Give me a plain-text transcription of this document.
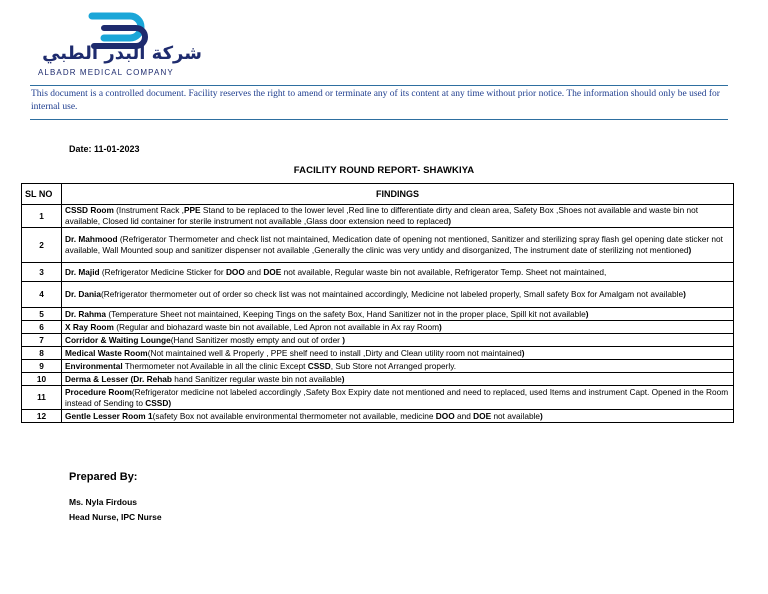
شركة البدر الطبي
ALBADR MEDICAL COMPANY
This document is a controlled document. Facility reserves the right to amend or terminate any of its content at any time without prior notice. The information should only be used for internal use.
Date: 11-01-2023
FACILITY ROUND REPORT- SHAWKIYA
SL NO	FINDINGS
1	CSSD Room (Instrument Rack ,PPE Stand to be replaced to the lower level ,Red line to differentiate dirty and clean area, Safety Box ,Shoes not available and waste bin not available, Closed lid container for sterile instrument not available ,Glass door extension need to replaced)
2	Dr. Mahmood (Refrigerator Thermometer and check list not maintained, Medication date of opening not mentioned, Sanitizer and sterilizing spray flash gel opening date sticker not available, Wall Mounted soup and sanitizer dispenser not available ,Generally the clinic was very untidy and disorganized, The instrument date of sterilizing not mentioned)
3	Dr. Majid (Refrigerator Medicine Sticker for DOO and DOE not available, Regular waste bin not available, Refrigerator Temp. Sheet not maintained,
4	Dr. Dania(Refrigerator thermometer out of order so check list was not maintained accordingly, Medicine not labeled properly, Small safety Box for Amalgam not available)
5	Dr. Rahma (Temperature Sheet not maintained, Keeping Tings on the safety Box, Hand Sanitizer not in the proper place, Spill kit not available)
6	X Ray Room (Regular and biohazard waste bin not available, Led Apron not available in Ax ray Room)
7	Corridor & Waiting Lounge(Hand Sanitizer mostly empty and out of order )
8	Medical Waste Room(Not maintained well & Properly , PPE shelf need to install ,Dirty and Clean utility room not maintained)
9	Environmental Thermometer not Available in all the clinic Except CSSD, Sub Store not Arranged properly.
10	Derma & Lesser (Dr. Rehab hand Sanitizer regular waste bin not available)
11	Procedure Room(Refrigerator medicine not labeled accordingly ,Safety Box Expiry date not mentioned and need to replaced, used Items and instrument Capt. Opened in the Room instead of Sending to CSSD)
12	Gentle Lesser Room 1(safety Box not available environmental thermometer not available, medicine DOO and DOE not available)
Prepared By:
Ms. Nyla Firdous
Head Nurse, IPC Nurse
